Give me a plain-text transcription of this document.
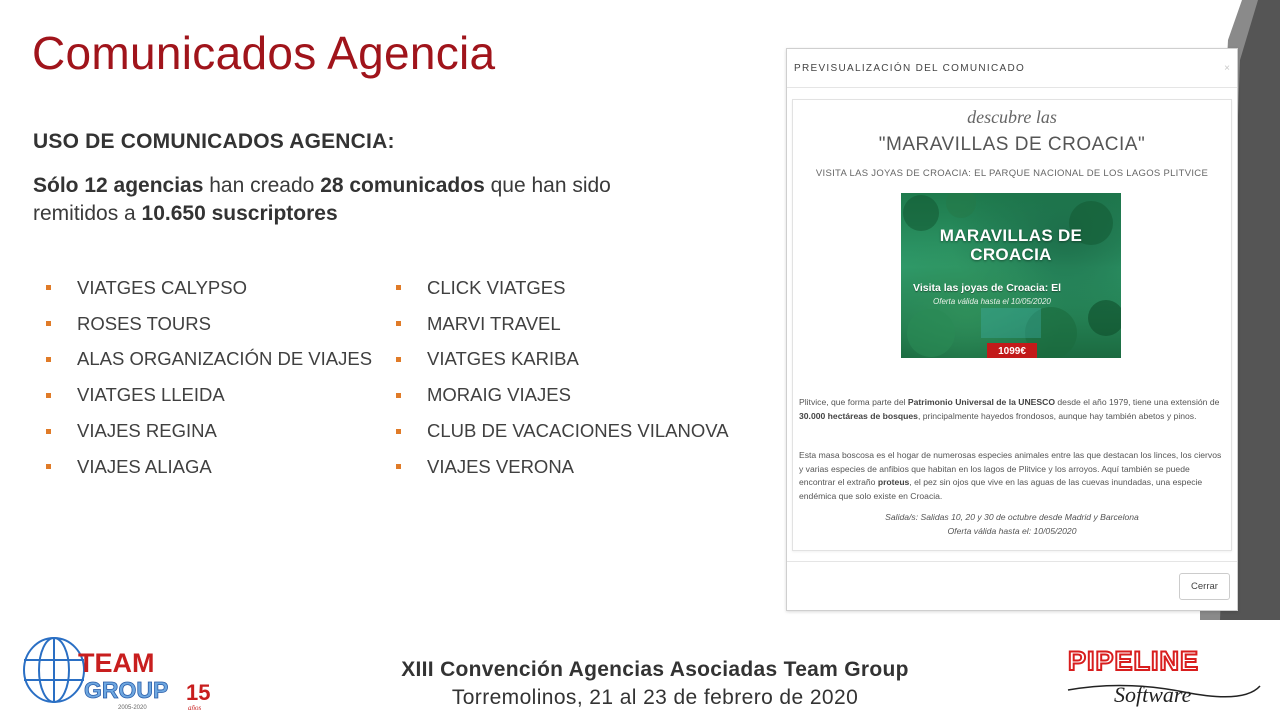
Comunicados Agencia
USO DE COMUNICADOS AGENCIA:
Sólo 12 agencias han creado 28 comunicados que han sido remitidos a 10.650 suscriptores
VIATGES CALYPSO
ROSES TOURS
ALAS ORGANIZACIÓN DE VIAJES
VIATGES LLEIDA
VIAJES REGINA
VIAJES ALIAGA
CLICK VIATGES
MARVI TRAVEL
VIATGES KARIBA
MORAIG VIAJES
CLUB DE VACACIONES VILANOVA
VIAJES VERONA
PREVISUALIZACIÓN DEL COMUNICADO	×
descubre las
"MARAVILLAS DE CROACIA"
VISITA LAS JOYAS DE CROACIA: EL PARQUE NACIONAL DE LOS LAGOS PLITVICE
MARAVILLAS DE
CROACIA
Visita las joyas de Croacia: El
Oferta válida hasta el 10/05/2020
1099€
Plitvice, que forma parte del Patrimonio Universal de la UNESCO desde el año 1979, tiene una extensión de 30.000 hectáreas de bosques, principalmente hayedos frondosos, aunque hay también abetos y pinos.
Esta masa boscosa es el hogar de numerosas especies animales entre las que destacan los linces, los ciervos y varias especies de anfibios que habitan en los lagos de Plitvice y los arroyos. Aquí también se puede encontrar el extraño proteus, el pez sin ojos que vive en las aguas de las cuevas inundadas, una especie endémica que solo existe en Croacia.
Salida/s: Salidas 10, 20 y 30 de octubre desde Madrid y Barcelona
Oferta válida hasta el: 10/05/2020
Cerrar
TEAM
GROUP 15
años
2005-2020
PIPELINE
Software
XIII Convención Agencias Asociadas Team Group
Torremolinos, 21 al 23 de febrero de 2020
